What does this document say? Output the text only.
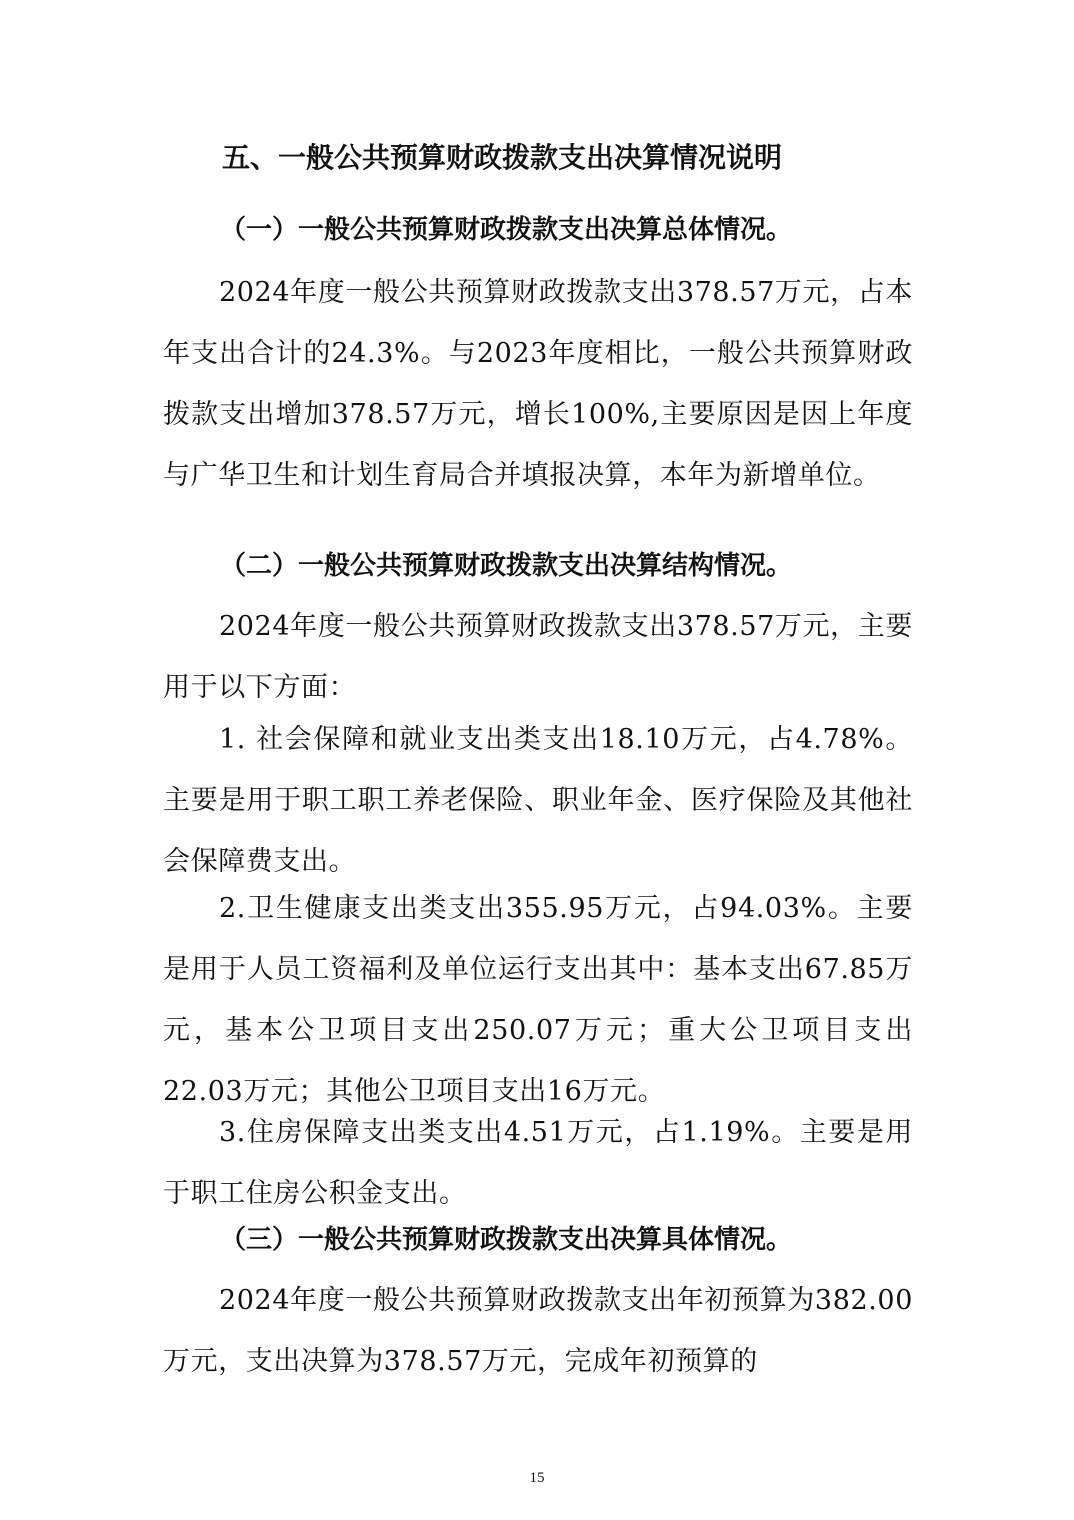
五、一般公共预算财政拨款支出决算情况说明
（一）一般公共预算财政拨款支出决算总体情况。

2024年度一般公共预算财政拨款支出378.57万元，占本年支出合计的24.3%。与2023年度相比，一般公共预算财政拨款支出增加378.57万元，增长100%,主要原因是因上年度与广华卫生和计划生育局合并填报决算，本年为新增单位。

（二）一般公共预算财政拨款支出决算结构情况。

2024年度一般公共预算财政拨款支出378.57万元，主要用于以下方面：

1. 社会保障和就业支出类支出18.10万元，占4.78%。主要是用于职工职工养老保险、职业年金、医疗保险及其他社会保障费支出。

2.卫生健康支出类支出355.95万元，占94.03%。主要是用于人员工资福利及单位运行支出其中：基本支出67.85万元，基本公卫项目支出250.07万元；重大公卫项目支出22.03万元；其他公卫项目支出16万元。

3.住房保障支出类支出4.51万元，占1.19%。主要是用于职工住房公积金支出。

（三）一般公共预算财政拨款支出决算具体情况。

2024年度一般公共预算财政拨款支出年初预算为382.00万元，支出决算为378.57万元，完成年初预算的

15
